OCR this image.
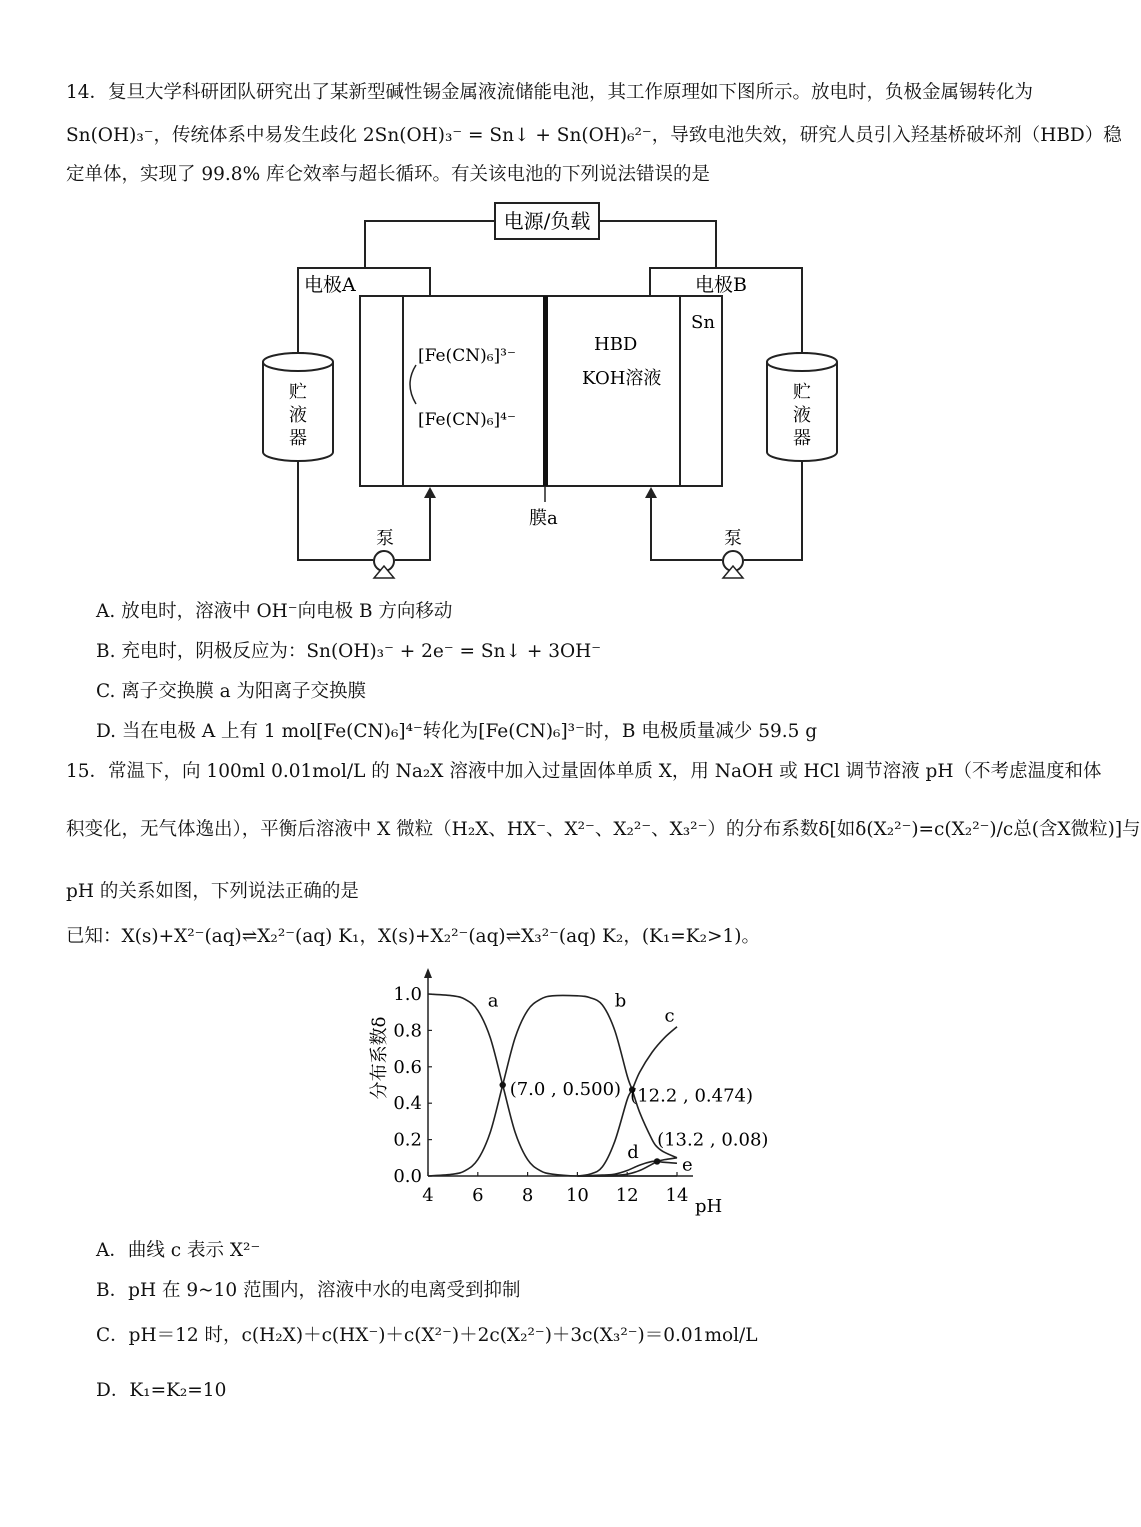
14．复旦大学科研团队研究出了某新型碱性锡金属液流储能电池，其工作原理如下图所示。放电时，负极金属锡转化为
Sn(OH)₃⁻，传统体系中易发生歧化 2Sn(OH)₃⁻ = Sn↓ + Sn(OH)₆²⁻，导致电池失效，研究人员引入羟基桥破坏剂（HBD）稳
定单体，实现了 99.8% 库仑效率与超长循环。有关该电池的下列说法错误的是
电源/负载
电极A	电极B
Sn
[Fe(CN)₆]³⁻
[Fe(CN)₆]⁴⁻
HBD
KOH溶液
膜a
贮
液
器
贮
液
器
泵	泵
A. 放电时，溶液中 OH⁻向电极 B 方向移动
B. 充电时，阴极反应为：Sn(OH)₃⁻ + 2e⁻ = Sn↓ + 3OH⁻
C. 离子交换膜 a 为阳离子交换膜
D. 当在电极 A 上有 1 mol[Fe(CN)₆]⁴⁻转化为[Fe(CN)₆]³⁻时，B 电极质量减少 59.5 g
15．常温下，向 100ml 0.01mol/L 的 Na₂X 溶液中加入过量固体单质 X，用 NaOH 或 HCl 调节溶液 pH（不考虑温度和体
积变化，无气体逸出），平衡后溶液中 X 微粒（H₂X、HX⁻、X²⁻、X₂²⁻、X₃²⁻）的分布系数δ[如δ(X₂²⁻)=c(X₂²⁻)/c总(含X微粒)]与
pH 的关系如图，下列说法正确的是
已知：X(s)+X²⁻(aq)⇌X₂²⁻(aq) K₁，X(s)+X₂²⁻(aq)⇌X₃²⁻(aq) K₂，(K₁=K₂>1)。
4 6 8 10 12 14
0.0
0.2
0.4
0.6
0.8
1.0	a	b
c
d
e
(7.0 , 0.500) (12.2 , 0.474)
(13.2 , 0.08)
分布系数δ
pH
A．曲线 c 表示 X²⁻
B．pH 在 9~10 范围内，溶液中水的电离受到抑制
C．pH＝12 时，c(H₂X)＋c(HX⁻)＋c(X²⁻)＋2c(X₂²⁻)＋3c(X₃²⁻)＝0.01mol/L
D．K₁=K₂=10
